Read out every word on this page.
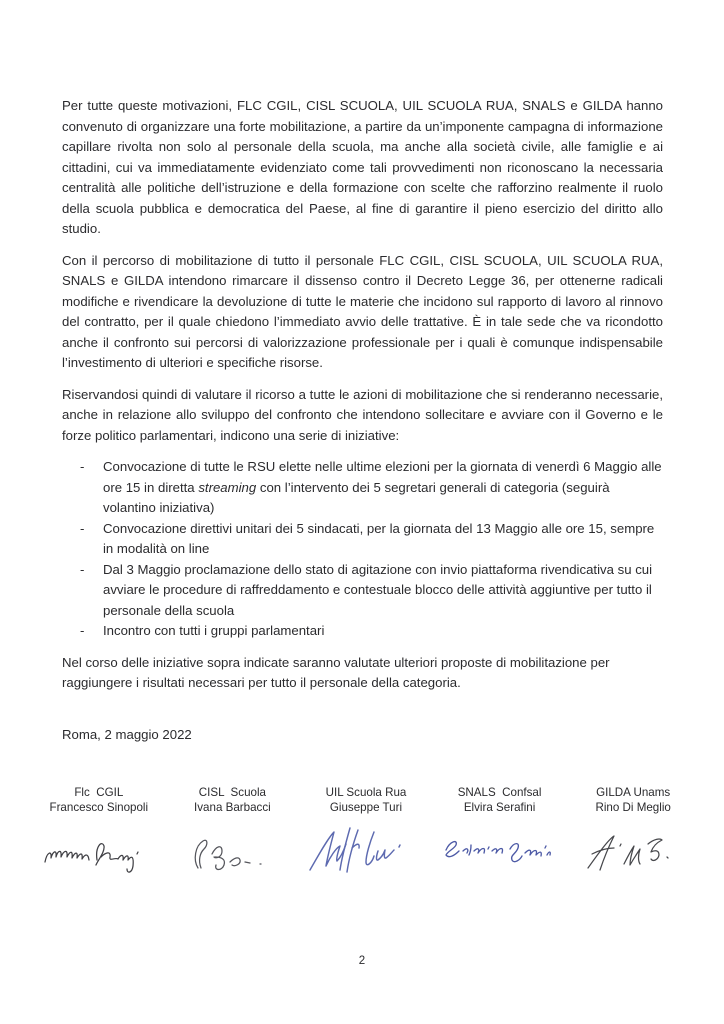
Per tutte queste motivazioni, FLC CGIL, CISL SCUOLA, UIL SCUOLA RUA, SNALS e GILDA hanno convenuto di organizzare una forte mobilitazione, a partire da un’imponente campagna di informazione capillare rivolta non solo al personale della scuola, ma anche alla società civile, alle famiglie e ai cittadini, cui va immediatamente evidenziato come tali provvedimenti non riconoscano la necessaria centralità alle politiche dell’istruzione e della formazione con scelte che rafforzino realmente il ruolo della scuola pubblica e democratica del Paese, al fine di garantire il pieno esercizio del diritto allo studio.

Con il percorso di mobilitazione di tutto il personale FLC CGIL, CISL SCUOLA, UIL SCUOLA RUA, SNALS e GILDA intendono rimarcare il dissenso contro il Decreto Legge 36, per ottenerne radicali modifiche e rivendicare la devoluzione di tutte le materie che incidono sul rapporto di lavoro al rinnovo del contratto, per il quale chiedono l’immediato avvio delle trattative. È in tale sede che va ricondotto anche il confronto sui percorsi di valorizzazione professionale per i quali è comunque indispensabile l’investimento di ulteriori e specifiche risorse.

Riservandosi quindi di valutare il ricorso a tutte le azioni di mobilitazione che si renderanno necessarie, anche in relazione allo sviluppo del confronto che intendono sollecitare e avviare con il Governo e le forze politico parlamentari, indicono una serie di iniziative:

- Convocazione di tutte le RSU elette nelle ultime elezioni per la giornata di venerdì 6 Maggio alle ore 15 in diretta streaming con l’intervento dei 5 segretari generali di categoria (seguirà volantino iniziativa)
- Convocazione direttivi unitari dei 5 sindacati, per la giornata del 13 Maggio alle ore 15, sempre in modalità on line
- Dal 3 Maggio proclamazione dello stato di agitazione con invio piattaforma rivendicativa su cui avviare le procedure di raffreddamento e contestuale blocco delle attività aggiuntive per tutto il personale della scuola
- Incontro con tutti i gruppi parlamentari

Nel corso delle iniziative sopra indicate saranno valutate ulteriori proposte di mobilitazione per raggiungere i risultati necessari per tutto il personale della categoria.

Roma, 2 maggio 2022

Flc  CGIL
Francesco Sinopoli
CISL  Scuola
Ivana Barbacci
UIL Scuola Rua
Giuseppe Turi
SNALS  Confsal
Elvira Serafini
GILDA Unams
Rino Di Meglio
2
